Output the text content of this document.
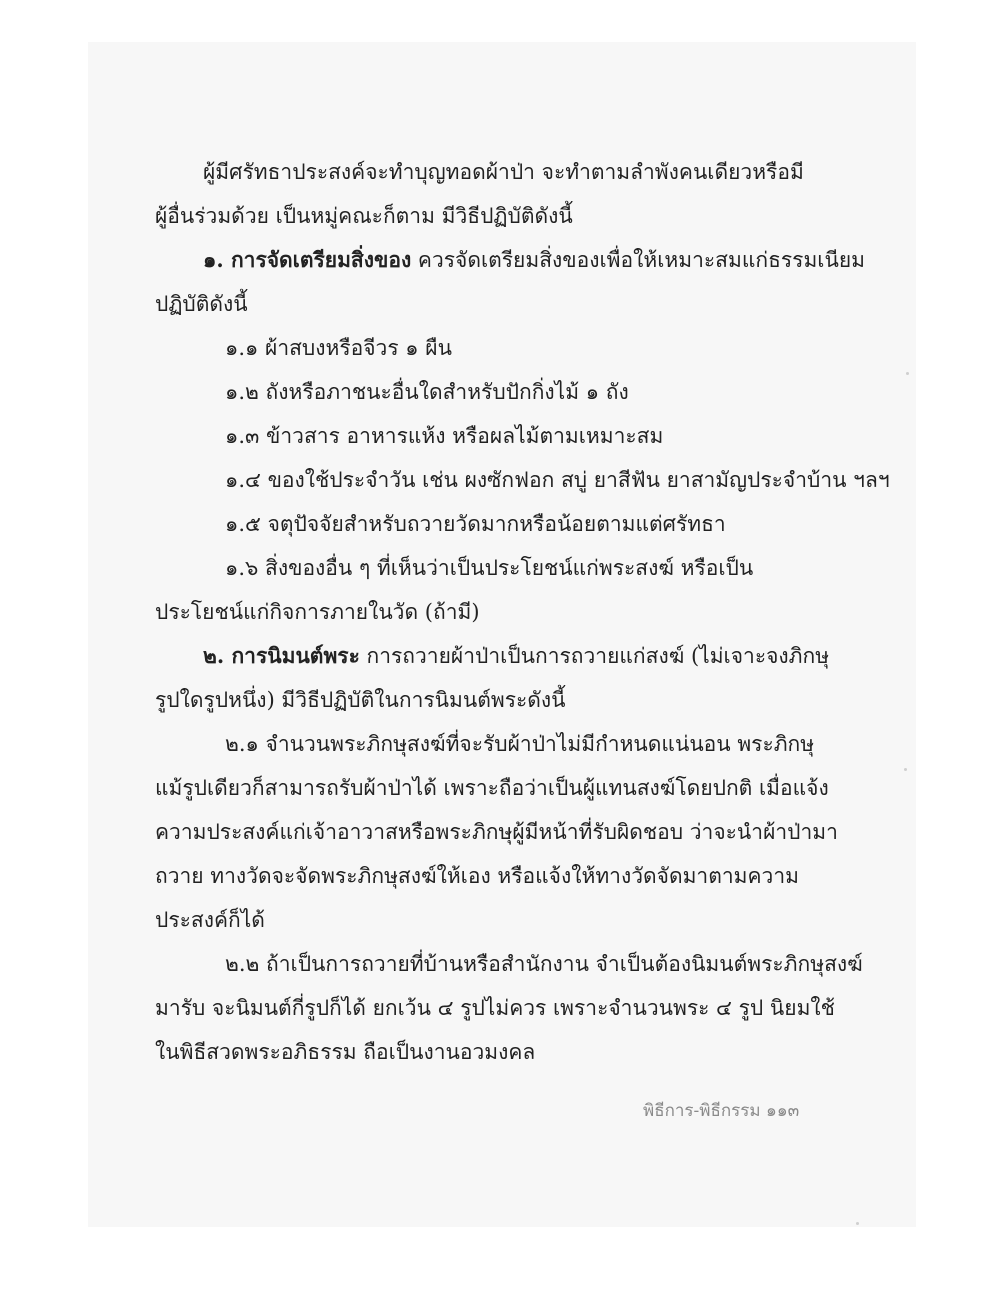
ผู้มีศรัทธาประสงค์จะทำบุญทอดผ้าป่า จะทำตามลำพังคนเดียวหรือมี
ผู้อื่นร่วมด้วย เป็นหมู่คณะก็ตาม มีวิธีปฏิบัติดังนี้
๑. การจัดเตรียมสิ่งของ ควรจัดเตรียมสิ่งของเพื่อให้เหมาะสมแก่ธรรมเนียม
ปฏิบัติดังนี้
๑.๑ ผ้าสบงหรือจีวร ๑ ผืน
๑.๒ ถังหรือภาชนะอื่นใดสำหรับปักกิ่งไม้ ๑ ถัง
๑.๓ ข้าวสาร อาหารแห้ง หรือผลไม้ตามเหมาะสม
๑.๔ ของใช้ประจำวัน เช่น ผงซักฟอก สบู่ ยาสีฟัน ยาสามัญประจำบ้าน ฯลฯ
๑.๕ จตุปัจจัยสำหรับถวายวัดมากหรือน้อยตามแต่ศรัทธา
๑.๖ สิ่งของอื่น ๆ ที่เห็นว่าเป็นประโยชน์แก่พระสงฆ์ หรือเป็น
ประโยชน์แก่กิจการภายในวัด (ถ้ามี)
๒. การนิมนต์พระ การถวายผ้าป่าเป็นการถวายแก่สงฆ์ (ไม่เจาะจงภิกษุ
รูปใดรูปหนึ่ง) มีวิธีปฏิบัติในการนิมนต์พระดังนี้
๒.๑ จำนวนพระภิกษุสงฆ์ที่จะรับผ้าป่าไม่มีกำหนดแน่นอน พระภิกษุ
แม้รูปเดียวก็สามารถรับผ้าป่าได้ เพราะถือว่าเป็นผู้แทนสงฆ์โดยปกติ เมื่อแจ้ง
ความประสงค์แก่เจ้าอาวาสหรือพระภิกษุผู้มีหน้าที่รับผิดชอบ ว่าจะนำผ้าป่ามา
ถวาย ทางวัดจะจัดพระภิกษุสงฆ์ให้เอง หรือแจ้งให้ทางวัดจัดมาตามความ
ประสงค์ก็ได้
๒.๒ ถ้าเป็นการถวายที่บ้านหรือสำนักงาน จำเป็นต้องนิมนต์พระภิกษุสงฆ์
มารับ จะนิมนต์กี่รูปก็ได้ ยกเว้น ๔ รูปไม่ควร เพราะจำนวนพระ ๔ รูป นิยมใช้
ในพิธีสวดพระอภิธรรม ถือเป็นงานอวมงคล
พิธีการ-พิธีกรรม ๑๑๓
